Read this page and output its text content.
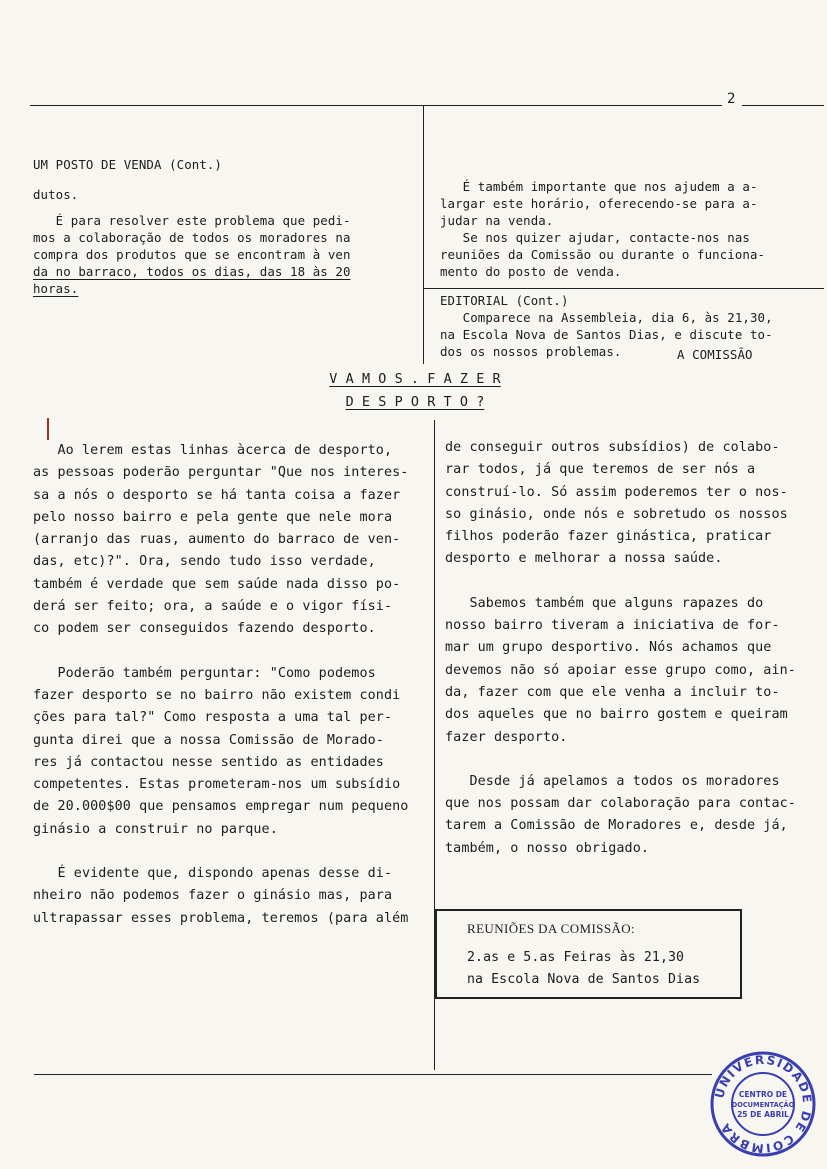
2
UM POSTO DE VENDA (Cont.)
dutos.
É para resolver este problema que pedi-
mos a colaboração de todos os moradores na
compra dos produtos que se encontram à ven
da no barraco, todos os dias, das 18 às 20
horas.
É também importante que nos ajudem a a-
largar este horário, oferecendo-se para a-
judar na venda.
Se nos quizer ajudar, contacte-nos nas
reuniões da Comissão ou durante o funciona-
mento do posto de venda.
EDITORIAL (Cont.)
Comparece na Assembleia, dia 6, às 21,30,
na Escola Nova de Santos Dias, e discute to-
dos os nossos problemas.	A COMISSÃO
V A M O S . F A Z E R
D E S P O R T O ?
Ao lerem estas linhas àcerca de desporto,
as pessoas poderão perguntar "Que nos interes-
sa a nós o desporto se há tanta coisa a fazer
pelo nosso bairro e pela gente que nele mora
(arranjo das ruas, aumento do barraco de ven-
das, etc)?". Ora, sendo tudo isso verdade,
também é verdade que sem saúde nada disso po-
derá ser feito; ora, a saúde e o vigor físi-
co podem ser conseguidos fazendo desporto.
Poderão também perguntar: "Como podemos
fazer desporto se no bairro não existem condi
ções para tal?" Como resposta a uma tal per-
gunta direi que a nossa Comissão de Morado-
res já contactou nesse sentido as entidades
competentes. Estas prometeram-nos um subsídio
de 20.000$00 que pensamos empregar num pequeno
ginásio a construir no parque.
É evidente que, dispondo apenas desse di-
nheiro não podemos fazer o ginásio mas, para
ultrapassar esses problema, teremos (para além
de conseguir outros subsídios) de colabo-
rar todos, já que teremos de ser nós a
construí-lo. Só assim poderemos ter o nos-
so ginásio, onde nós e sobretudo os nossos
filhos poderão fazer ginástica, praticar
desporto e melhorar a nossa saúde.
Sabemos também que alguns rapazes do
nosso bairro tiveram a iniciativa de for-
mar um grupo desportivo. Nós achamos que
devemos não só apoiar esse grupo como, ain-
da, fazer com que ele venha a incluir to-
dos aqueles que no bairro gostem e queiram
fazer desporto.
Desde já apelamos a todos os moradores
que nos possam dar colaboração para contac-
tarem a Comissão de Moradores e, desde já,
também, o nosso obrigado.
REUNIÕES DA COMISSÃO:
2.as e 5.as Feiras às 21,30
na Escola Nova de Santos Dias
UNIVERSIDADE DE COIMBRA
CENTRO DE
DOCUMENTAÇÃO
25 DE ABRIL
